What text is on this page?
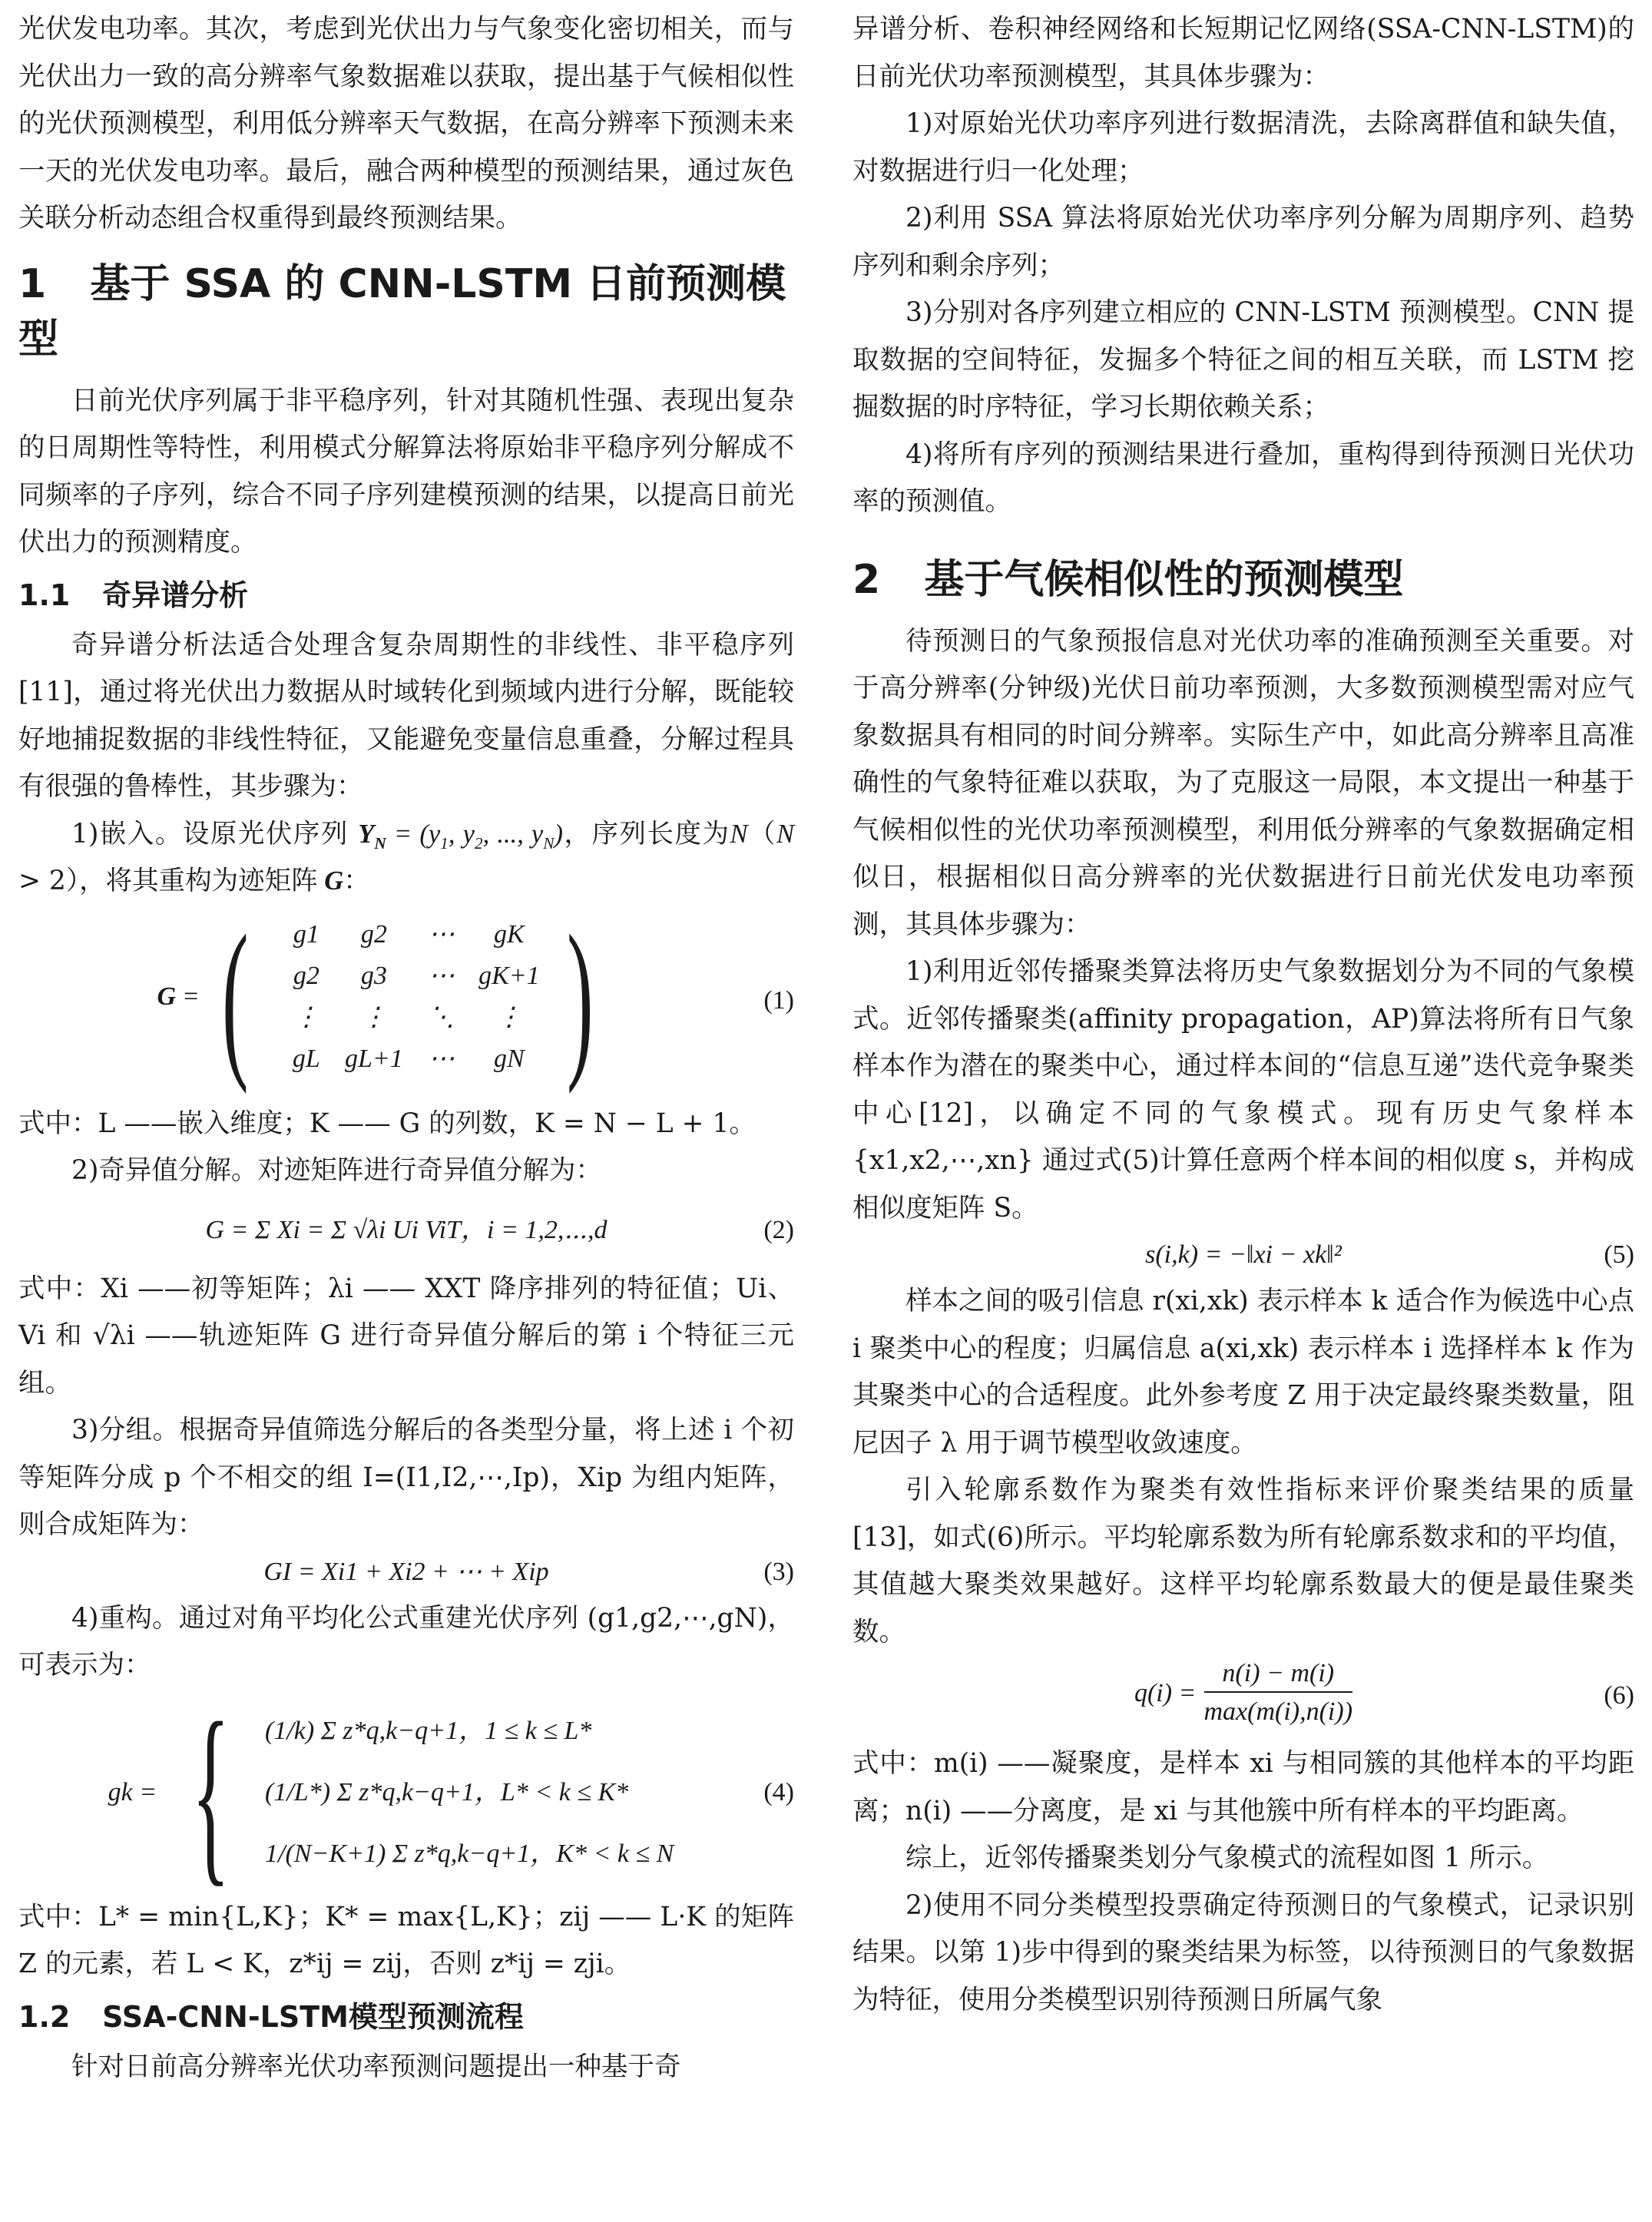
光伏发电功率。其次，考虑到光伏出力与气象变化密切相关，而与光伏出力一致的高分辨率气象数据难以获取，提出基于气候相似性的光伏预测模型，利用低分辨率天气数据，在高分辨率下预测未来一天的光伏发电功率。最后，融合两种模型的预测结果，通过灰色关联分析动态组合权重得到最终预测结果。

1 基于 SSA 的 CNN-LSTM 日前预测模型

日前光伏序列属于非平稳序列，针对其随机性强、表现出复杂的日周期性等特性，利用模式分解算法将原始非平稳序列分解成不同频率的子序列，综合不同子序列建模预测的结果，以提高日前光伏出力的预测精度。

1.1 奇异谱分析

奇异谱分析法适合处理含复杂周期性的非线性、非平稳序列[11]，通过将光伏出力数据从时域转化到频域内进行分解，既能较好地捕捉数据的非线性特征，又能避免变量信息重叠，分解过程具有很强的鲁棒性，其步骤为：

1)嵌入。设原光伏序列 $Y_N = (y_1$, $y_2$, ..., $y_N$)，序列长度为N（N > 2），将其重构为迹矩阵 G：

G = (	g1	g2	⋯	gK
g2	g3	⋯ gK+1
⋮	⋮	⋱	⋮
gL gL+1 ⋯	gN )	(1)

式中：L ——嵌入维度；K —— G 的列数，K = N − L + 1。

2)奇异值分解。对迹矩阵进行奇异值分解为：

G = Σ Xi = Σ √λi Ui ViT，i = 1,2,⋯,d	(2)

式中：Xi ——初等矩阵；λi —— XXT 降序排列的特征值；Ui、Vi 和 √λi ——轨迹矩阵 G 进行奇异值分解后的第 i 个特征三元组。

3)分组。根据奇异值筛选分解后的各类型分量，将上述 i 个初等矩阵分成 p 个不相交的组 I=(I1,I2,⋯,Ip)，Xip 为组内矩阵，则合成矩阵为：

GI = Xi1 + Xi2 + ⋯ + Xip	(3)

4)重构。通过对角平均化公式重建光伏序列 (g1,g2,⋯,gN)，可表示为：

gk = { (1/k) Σ z*q,k−q+1，1 ≤ k ≤ L*
(1/L*) Σ z*q,k−q+1，L* < k ≤ K*
1/(N−K+1) Σ z*q,k−q+1，K* < k ≤ N
(4)

式中：L* = min{L,K}；K* = max{L,K}；zij —— L·K 的矩阵 Z 的元素，若 L < K，z*ij = zij，否则 z*ij = zji。

1.2 SSA-CNN-LSTM模型预测流程

针对日前高分辨率光伏功率预测问题提出一种基于奇

异谱分析、卷积神经网络和长短期记忆网络(SSA-CNN-LSTM)的日前光伏功率预测模型，其具体步骤为：

1)对原始光伏功率序列进行数据清洗，去除离群值和缺失值，对数据进行归一化处理；

2)利用 SSA 算法将原始光伏功率序列分解为周期序列、趋势序列和剩余序列；

3)分别对各序列建立相应的 CNN-LSTM 预测模型。CNN 提取数据的空间特征，发掘多个特征之间的相互关联，而 LSTM 挖掘数据的时序特征，学习长期依赖关系；

4)将所有序列的预测结果进行叠加，重构得到待预测日光伏功率的预测值。

2 基于气候相似性的预测模型

待预测日的气象预报信息对光伏功率的准确预测至关重要。对于高分辨率(分钟级)光伏日前功率预测，大多数预测模型需对应气象数据具有相同的时间分辨率。实际生产中，如此高分辨率且高准确性的气象特征难以获取，为了克服这一局限，本文提出一种基于气候相似性的光伏功率预测模型，利用低分辨率的气象数据确定相似日，根据相似日高分辨率的光伏数据进行日前光伏发电功率预测，其具体步骤为：

1)利用近邻传播聚类算法将历史气象数据划分为不同的气象模式。近邻传播聚类(affinity propagation，AP)算法将所有日气象样本作为潜在的聚类中心，通过样本间的“信息互递”迭代竞争聚类中心[12]，以确定不同的气象模式。现有历史气象样本 {x1,x2,⋯,xn} 通过式(5)计算任意两个样本间的相似度 s，并构成相似度矩阵 S。

s(i,k) = −‖xi − xk‖²	(5)

样本之间的吸引信息 r(xi,xk) 表示样本 k 适合作为候选中心点 i 聚类中心的程度；归属信息 a(xi,xk) 表示样本 i 选择样本 k 作为其聚类中心的合适程度。此外参考度 Z 用于决定最终聚类数量，阻尼因子 λ 用于调节模型收敛速度。

引入轮廓系数作为聚类有效性指标来评价聚类结果的质量[13]，如式(6)所示。平均轮廓系数为所有轮廓系数求和的平均值，其值越大聚类效果越好。这样平均轮廓系数最大的便是最佳聚类数。

q(i) =
n(i) − m(i)
max(m(i),n(i))
(6)

式中：m(i) ——凝聚度，是样本 xi 与相同簇的其他样本的平均距离；n(i) ——分离度，是 xi 与其他簇中所有样本的平均距离。

综上，近邻传播聚类划分气象模式的流程如图 1 所示。

2)使用不同分类模型投票确定待预测日的气象模式，记录识别结果。以第 1)步中得到的聚类结果为标签，以待预测日的气象数据为特征，使用分类模型识别待预测日所属气象
